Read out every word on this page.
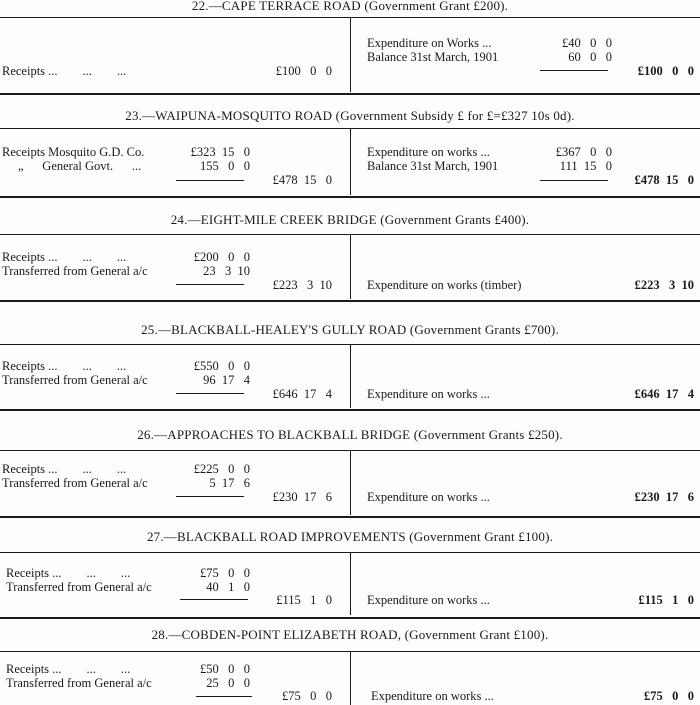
22.—CAPE TERRACE ROAD (Government Grant £200).
Receipts ...        ...        ...	£100   0   0
Expenditure on Works ...	£40   0   0
Balance 31st March, 1901	60   0   0
£100   0   0
23.—WAIPUNA-MOSQUITO ROAD (Government Subsidy £ for £=£327 10s 0d).
Receipts Mosquito G.D. Co.	£323  15   0
„      General Govt.      ...	155   0   0
£478  15   0
Expenditure on works ...	£367   0   0
Balance 31st March, 1901	111  15   0
£478  15   0
24.—EIGHT-MILE CREEK BRIDGE (Government Grants £400).
Receipts ...        ...        ...	£200   0   0
Transferred from General a/c	23   3  10
£223   3  10	Expenditure on works (timber)	£223   3  10
25.—BLACKBALL-HEALEY'S GULLY ROAD (Government Grants £700).
Receipts ...        ...        ...	£550   0   0
Transferred from General a/c	96  17   4
£646  17   4	Expenditure on works ...	£646  17   4
26.—APPROACHES TO BLACKBALL BRIDGE (Government Grants £250).
Receipts ...        ...        ...	£225   0   0
Transferred from General a/c	5  17   6
£230  17   6	Expenditure on works ...	£230  17   6
27.—BLACKBALL ROAD IMPROVEMENTS (Government Grant £100).
Receipts ...        ...        ...	£75   0   0
Transferred from General a/c	40   1   0
£115   1   0	Expenditure on works ...	£115   1   0
28.—COBDEN-POINT ELIZABETH ROAD, (Government Grant £100).
Receipts ...        ...        ...	£50   0   0
Transferred from General a/c	25   0   0
£75   0   0	Expenditure on works ...	£75   0   0
